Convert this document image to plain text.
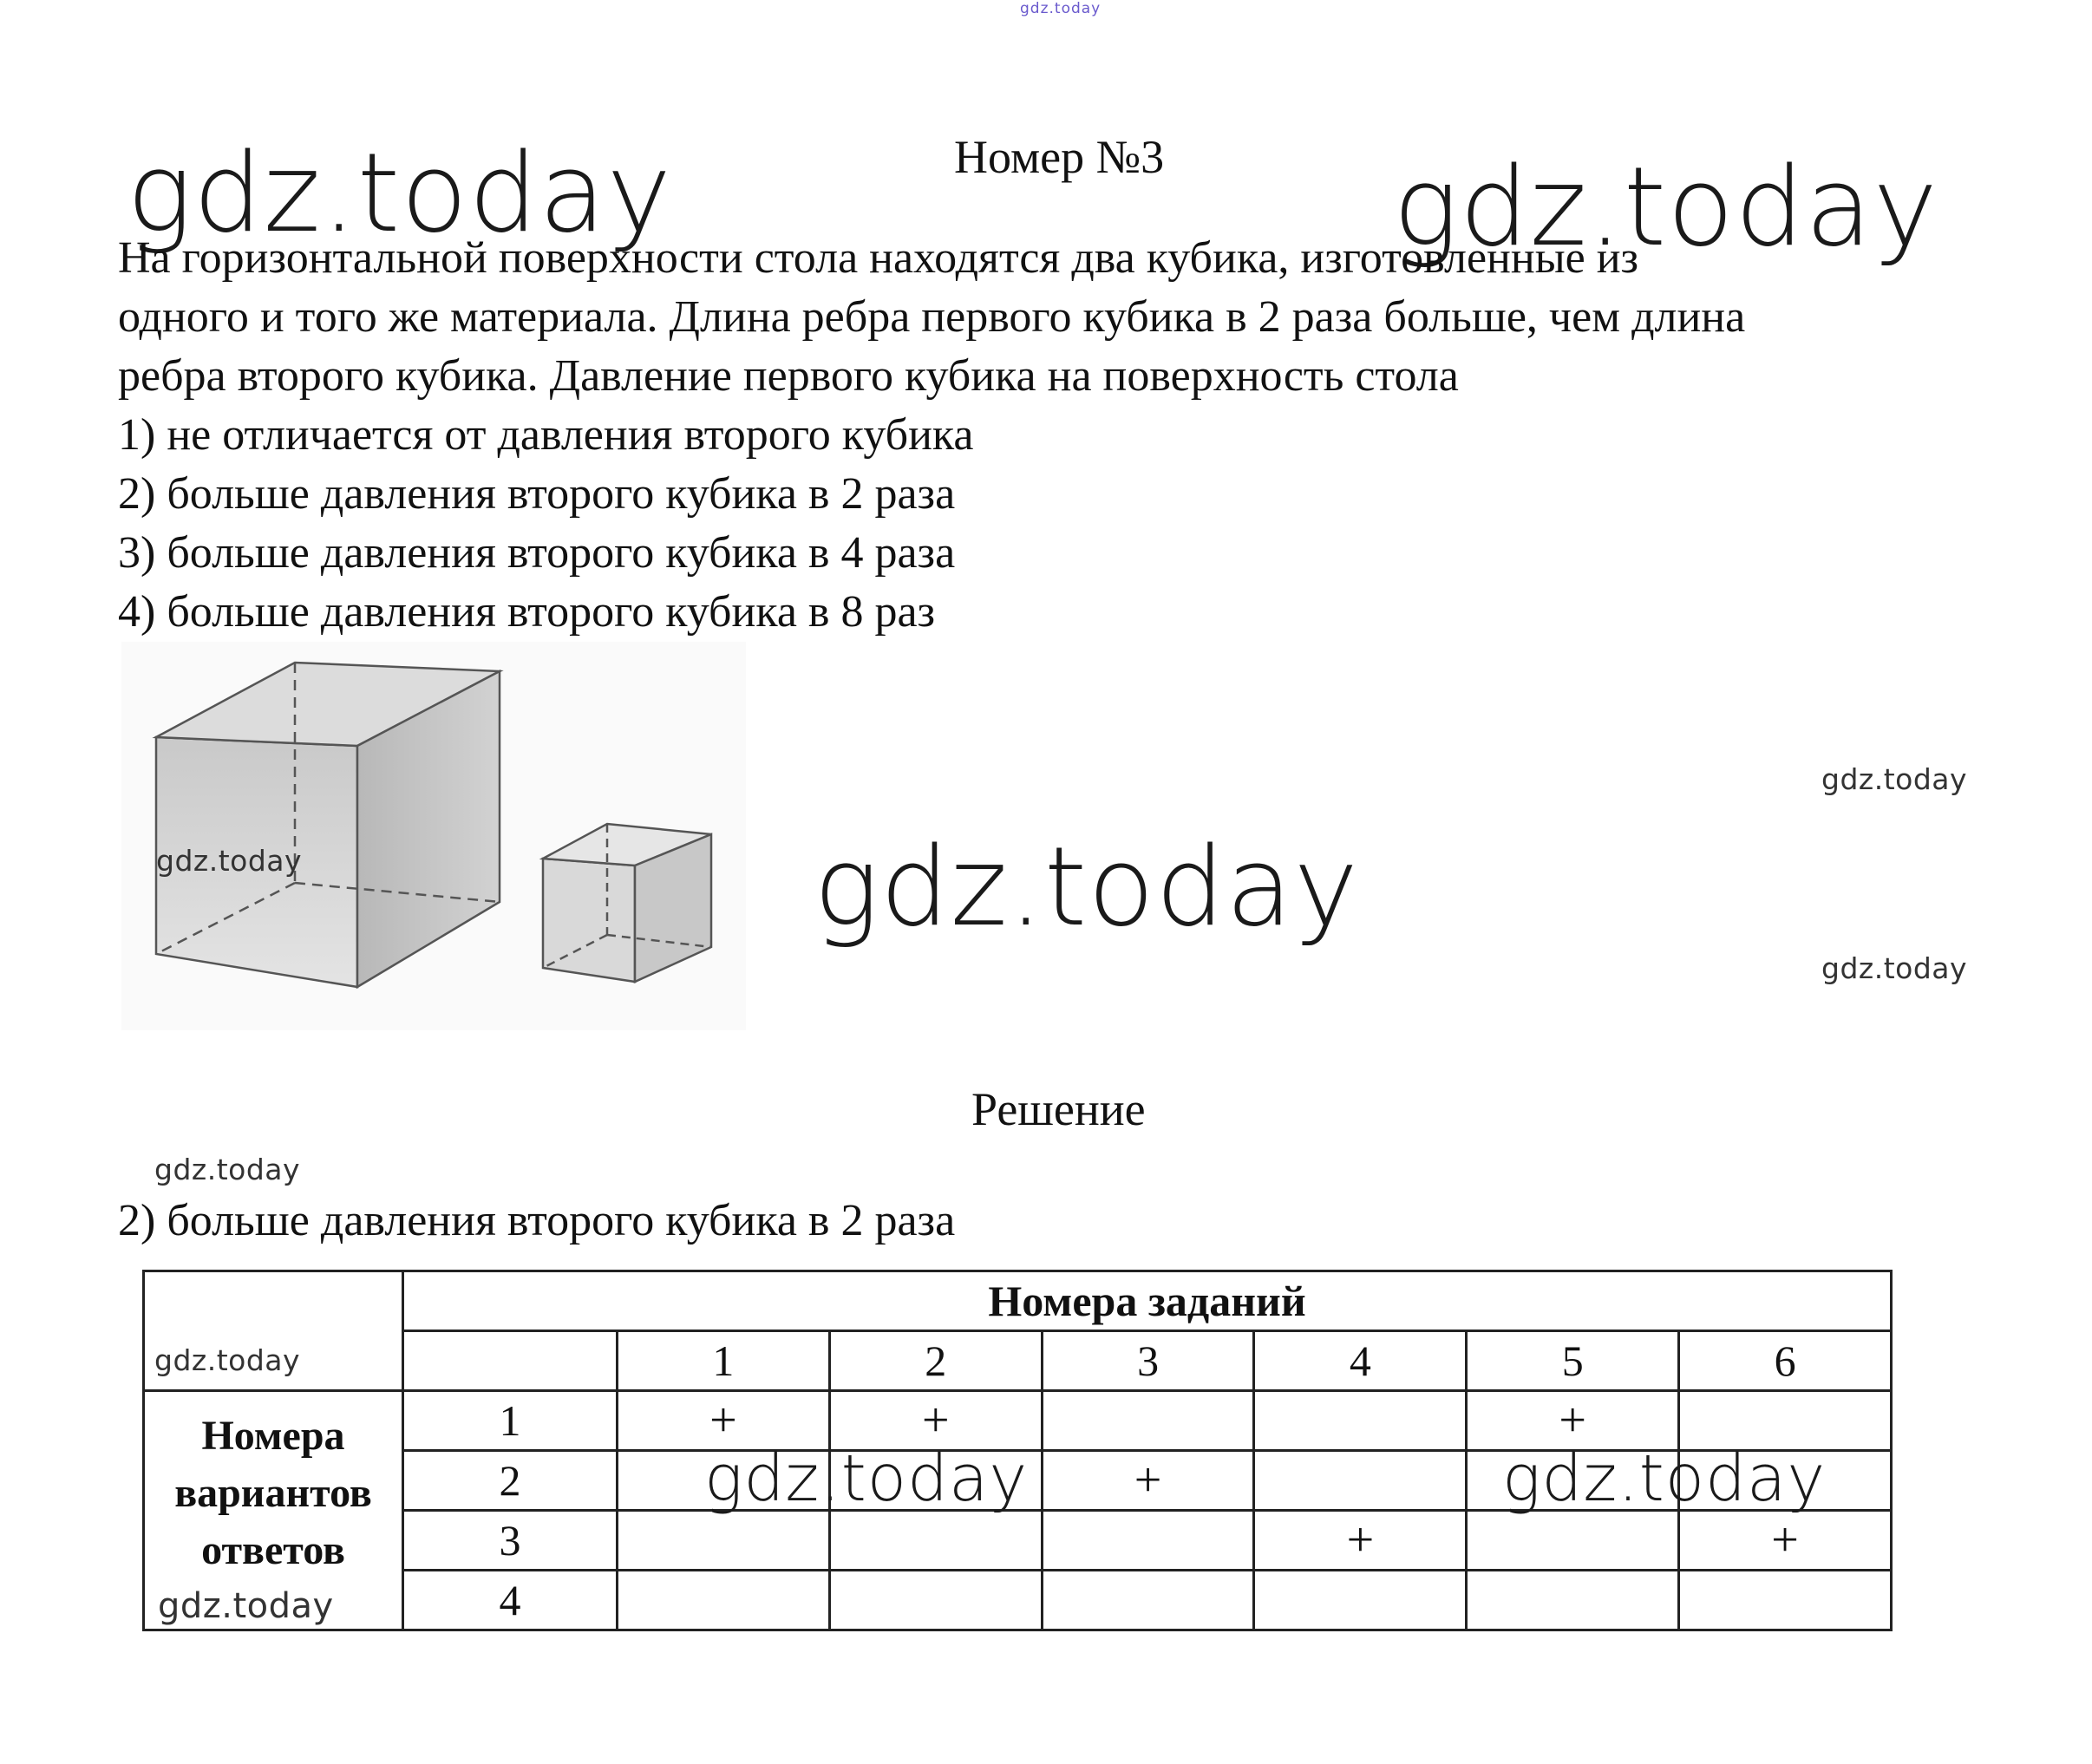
gdz.today
gdz.today	gdz.today
Номер №3

На горизонтальной поверхности стола находятся два кубика, изготовленные из

одного и того же материала. Длина ребра первого кубика в 2 раза больше, чем длина

ребра второго кубика. Давление первого кубика на поверхность стола

1) не отличается от давления второго кубика

2) больше давления второго кубика в 2 раза

3) больше давления второго кубика в 4 раза

4) больше давления второго кубика в 8 раз

gdz.today	gdz.today
gdz.today
gdz.today
Решение
gdz.today
2) больше давления второго кубика в 2 раза
	Номера заданий						
		1	2	3	4	5	6

Номера вариантов ответов	1	+	+			+	
	2			+			
	3				+		+
	4						
gdz.today
gdz.today
gdz.today	gdz.today
